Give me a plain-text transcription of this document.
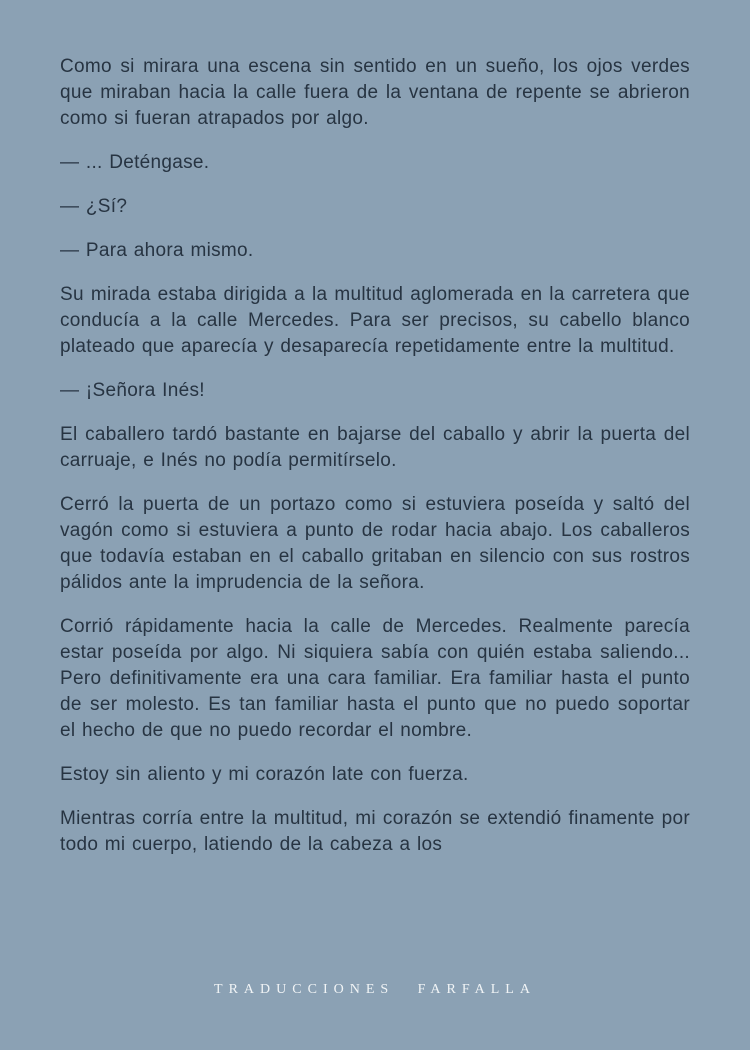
Como si mirara una escena sin sentido en un sueño, los ojos verdes que miraban hacia la calle fuera de la ventana de repente se abrieron como si fueran atrapados por algo.

— ... Deténgase.

— ¿Sí?

— Para ahora mismo.

Su mirada estaba dirigida a la multitud aglomerada en la carretera que conducía a la calle Mercedes. Para ser precisos, su cabello blanco plateado que aparecía y desaparecía repetidamente entre la multitud.

— ¡Señora Inés!

El caballero tardó bastante en bajarse del caballo y abrir la puerta del carruaje, e Inés no podía permitírselo.

Cerró la puerta de un portazo como si estuviera poseída y saltó del vagón como si estuviera a punto de rodar hacia abajo. Los caballeros que todavía estaban en el caballo gritaban en silencio con sus rostros pálidos ante la imprudencia de la señora.

Corrió rápidamente hacia la calle de Mercedes. Realmente parecía estar poseída por algo. Ni siquiera sabía con quién estaba saliendo... Pero definitivamente era una cara familiar. Era familiar hasta el punto de ser molesto. Es tan familiar hasta el punto que no puedo soportar el hecho de que no puedo recordar el nombre.

Estoy sin aliento y mi corazón late con fuerza.

Mientras corría entre la multitud, mi corazón se extendió finamente por todo mi cuerpo, latiendo de la cabeza a los

TRADUCCIONES FARFALLA
